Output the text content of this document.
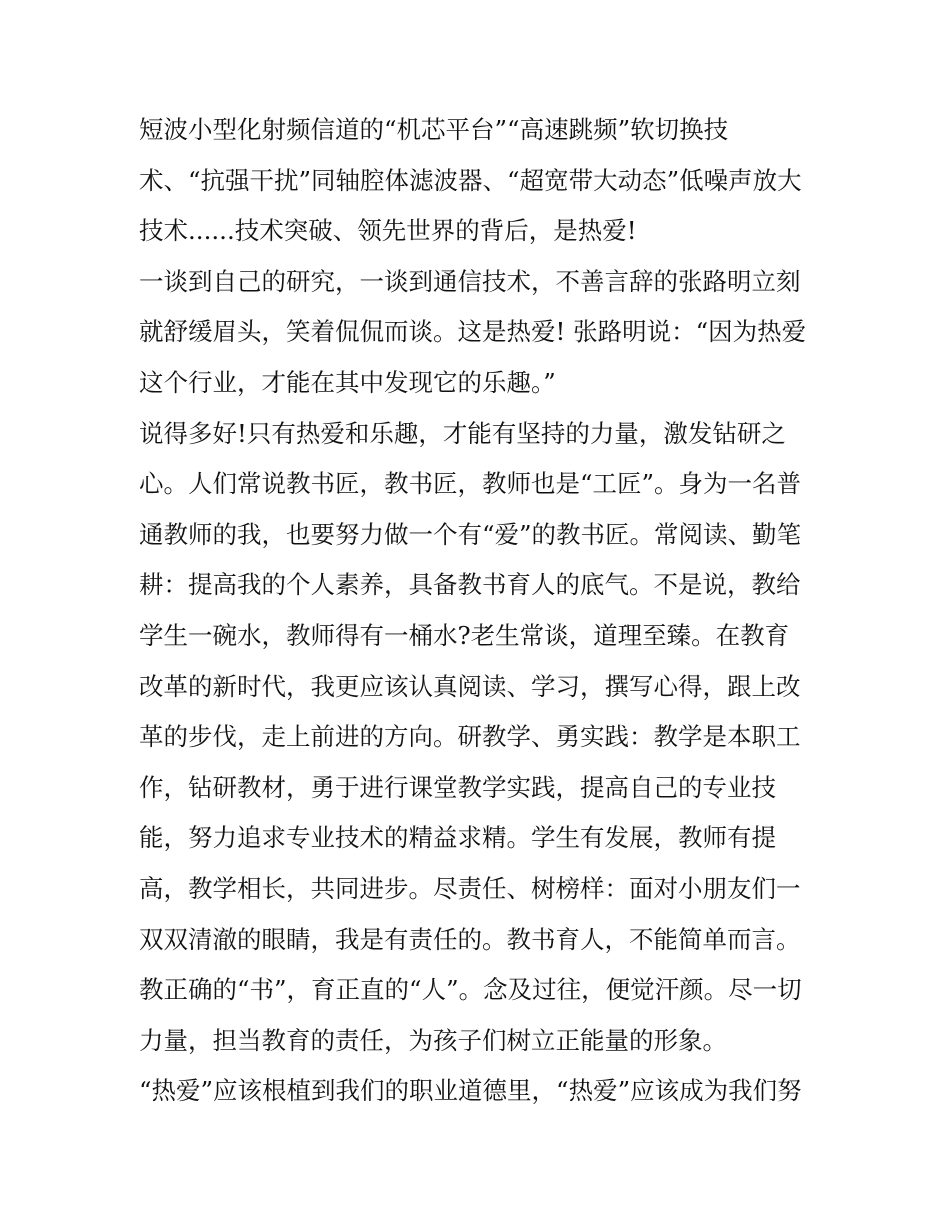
短波小型化射频信道的“机芯平台”“高速跳频”软切换技
术、“抗强干扰”同轴腔体滤波器、“超宽带大动态”低噪声放大
技术......技术突破、领先世界的背后，是热爱!
一谈到自己的研究，一谈到通信技术，不善言辞的张路明立刻
就舒缓眉头，笑着侃侃而谈。这是热爱! 张路明说：“因为热爱
这个行业，才能在其中发现它的乐趣。”
说得多好!只有热爱和乐趣，才能有坚持的力量，激发钻研之
心。人们常说教书匠，教书匠，教师也是“工匠”。身为一名普
通教师的我，也要努力做一个有“爱”的教书匠。常阅读、勤笔
耕：提高我的个人素养，具备教书育人的底气。不是说，教给
学生一碗水，教师得有一桶水?老生常谈，道理至臻。在教育
改革的新时代，我更应该认真阅读、学习，撰写心得，跟上改
革的步伐，走上前进的方向。研教学、勇实践：教学是本职工
作，钻研教材，勇于进行课堂教学实践，提高自己的专业技
能，努力追求专业技术的精益求精。学生有发展，教师有提
高，教学相长，共同进步。尽责任、树榜样：面对小朋友们一
双双清澈的眼睛，我是有责任的。教书育人，不能简单而言。
教正确的“书”，育正直的“人”。念及过往，便觉汗颜。尽一切
力量，担当教育的责任，为孩子们树立正能量的形象。
“热爱”应该根植到我们的职业道德里，“热爱”应该成为我们努
